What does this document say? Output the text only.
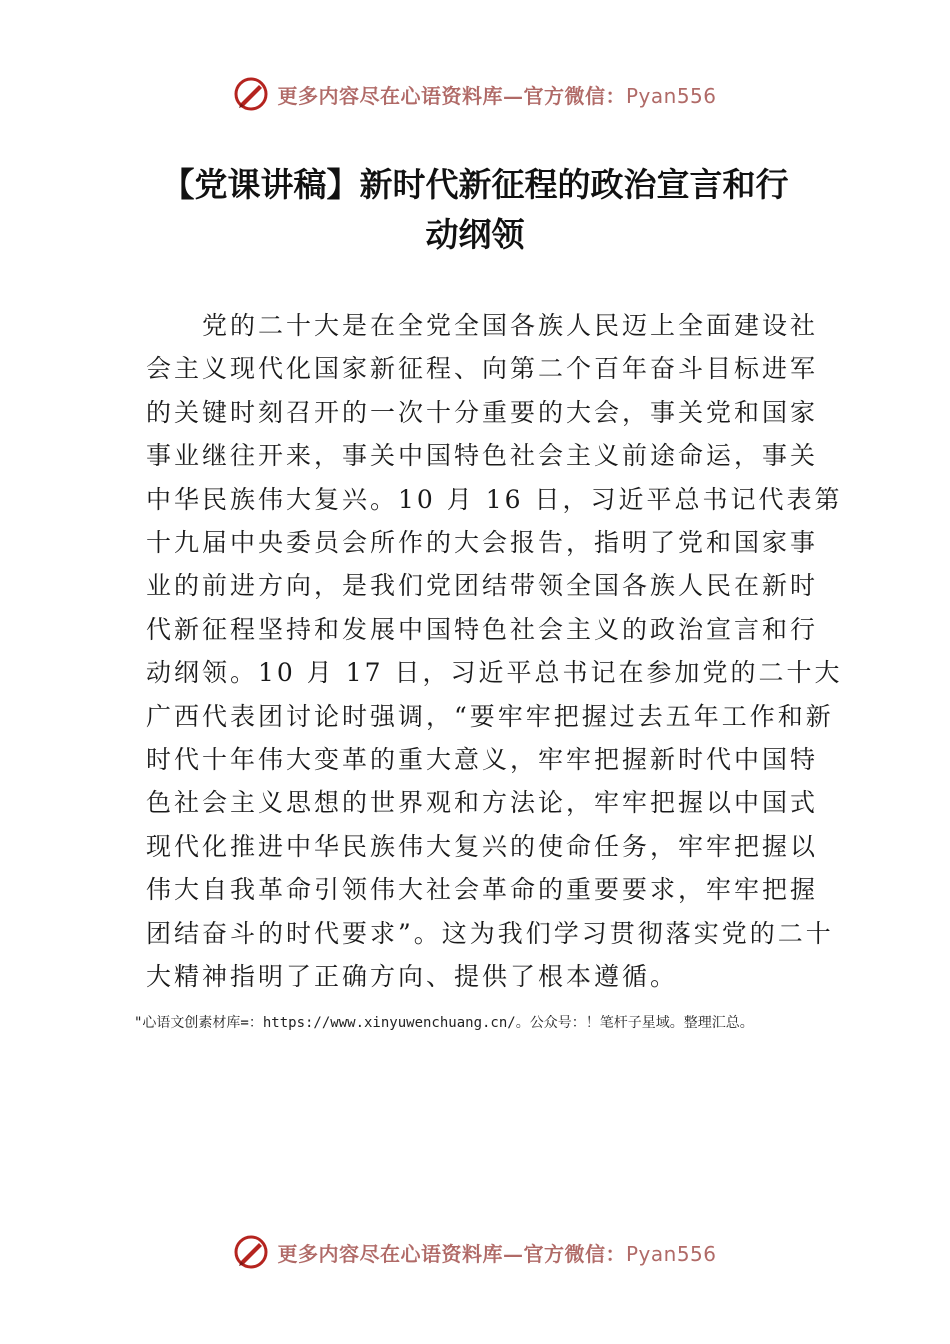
更多内容尽在心语资料库—官方微信：Pyan556
【党课讲稿】新时代新征程的政治宣言和行
动纲领
党的二十大是在全党全国各族人民迈上全面建设社
会主义现代化国家新征程、向第二个百年奋斗目标进军
的关键时刻召开的一次十分重要的大会，事关党和国家
事业继往开来，事关中国特色社会主义前途命运，事关
中华民族伟大复兴。10 月 16 日，习近平总书记代表第
十九届中央委员会所作的大会报告，指明了党和国家事
业的前进方向，是我们党团结带领全国各族人民在新时
代新征程坚持和发展中国特色社会主义的政治宣言和行
动纲领。10 月 17 日，习近平总书记在参加党的二十大
广西代表团讨论时强调，“要牢牢把握过去五年工作和新
时代十年伟大变革的重大意义，牢牢把握新时代中国特
色社会主义思想的世界观和方法论，牢牢把握以中国式
现代化推进中华民族伟大复兴的使命任务，牢牢把握以
伟大自我革命引领伟大社会革命的重要要求，牢牢把握
团结奋斗的时代要求”。这为我们学习贯彻落实党的二十
大精神指明了正确方向、提供了根本遵循。
"心语文创素材库=：https://www.xinyuwenchuang.cn/。公众号：！笔杆子星域。整理汇总。
更多内容尽在心语资料库—官方微信：Pyan556
